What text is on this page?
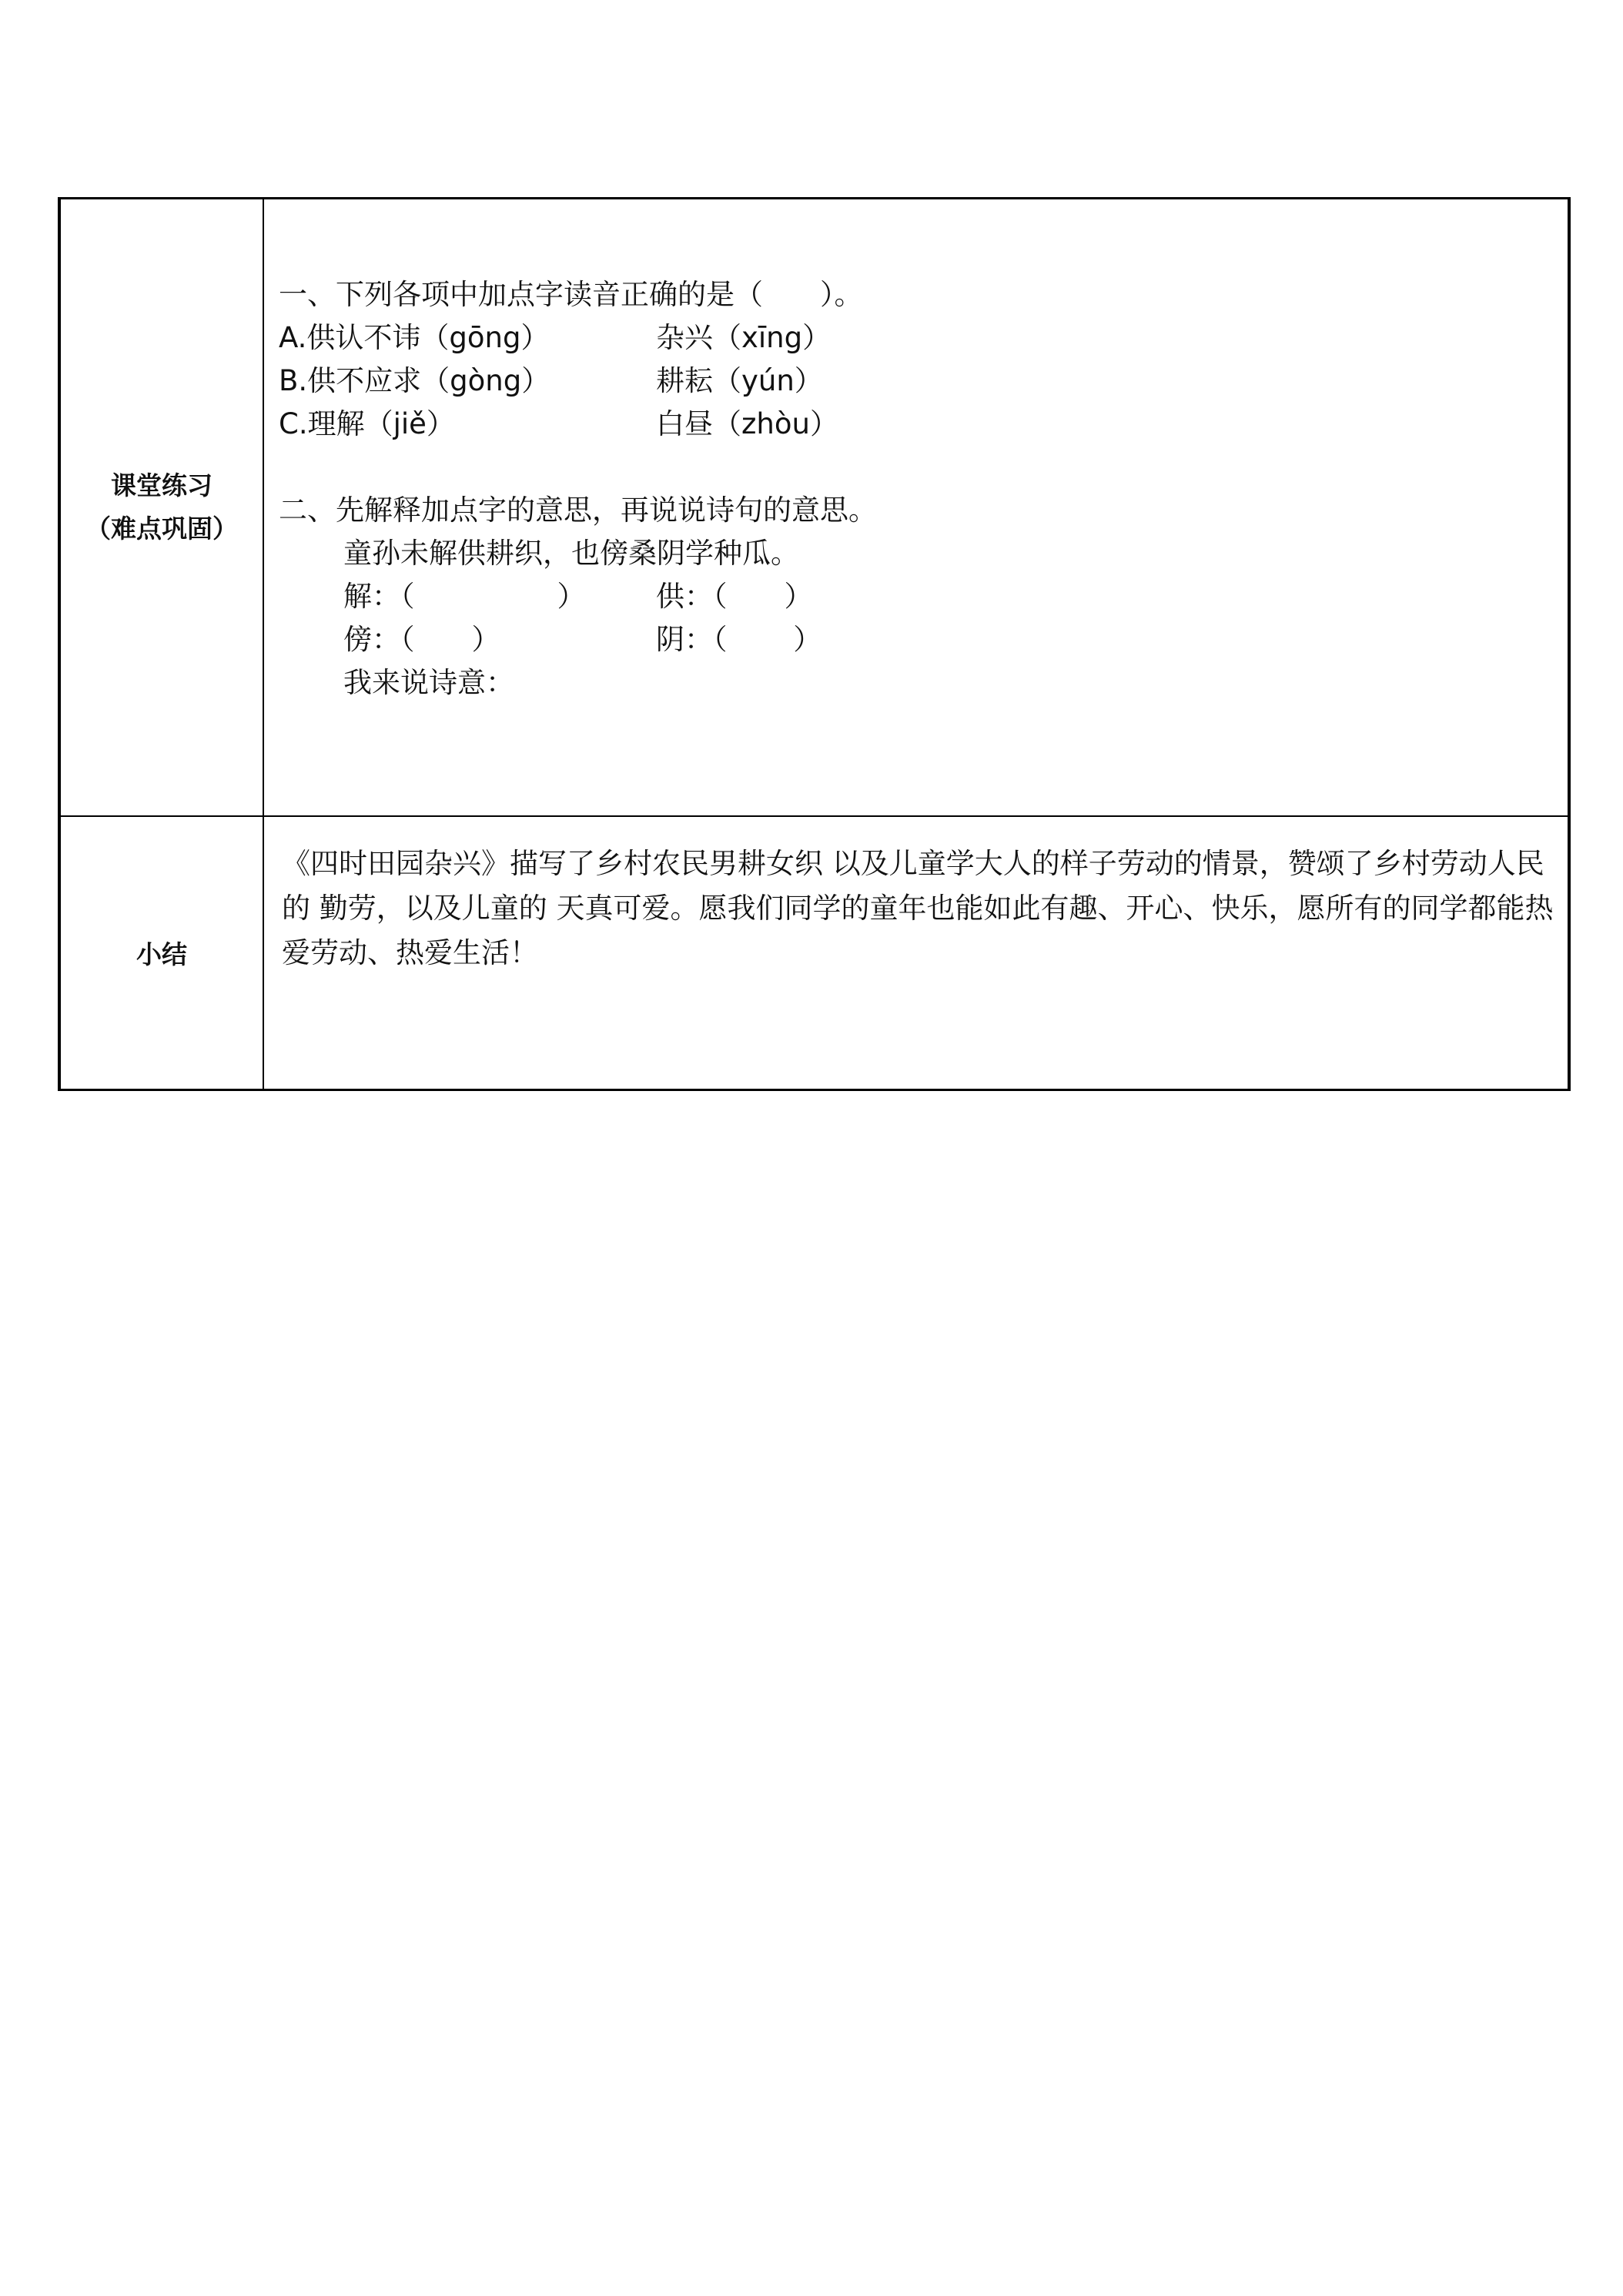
课堂练习
（难点巩固）
一、下列各项中加点字读音正确的是（　　）。
A.供认不讳（gōng）	杂兴（xīng）
B.供不应求（gòng）	耕耘（yún）
C.理解（jiě）	白昼（zhòu）
二、先解释加点字的意思，再说说诗句的意思。
童孙未解供耕织，也傍桑阴学种瓜。
解：（　　　　　） 供：（　　）
傍：（　　）	阴：（　　 ）
我来说诗意：
小结
《四时田园杂兴》描写了乡村农民男耕女织 以及儿童学大人的样子劳动的情景，赞颂了乡村劳动人民的 勤劳，以及儿童的 天真可爱。愿我们同学的童年也能如此有趣、开心、快乐，愿所有的同学都能热爱劳动、热爱生活！
